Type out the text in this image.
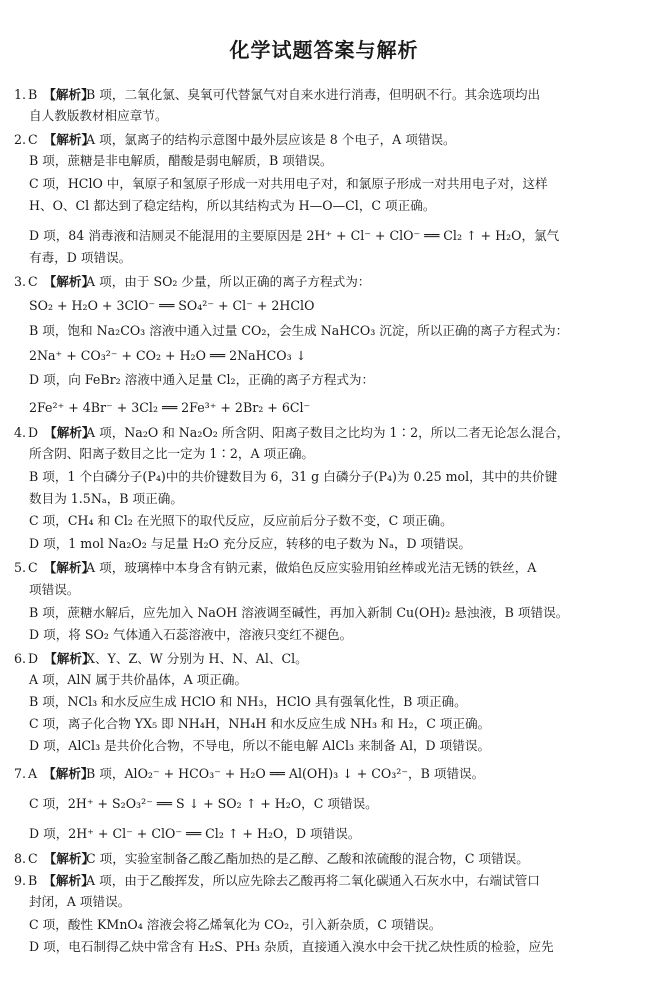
化学试题答案与解析
1. B 【解析】
B 项，二氧化氯、臭氧可代替氯气对自来水进行消毒，但明矾不行。其余选项均出
自人教版教材相应章节。
2. C 【解析】
A 项，氯离子的结构示意图中最外层应该是 8 个电子，A 项错误。
B 项，蔗糖是非电解质，醋酸是弱电解质，B 项错误。
C 项，HClO 中，氧原子和氢原子形成一对共用电子对，和氯原子形成一对共用电子对，这样
H、O、Cl 都达到了稳定结构，所以其结构式为 H—O—Cl，C 项正确。
D 项，84 消毒液和洁厕灵不能混用的主要原因是 2H⁺ + Cl⁻ + ClO⁻ ══ Cl₂ ↑ + H₂O，氯气
有毒，D 项错误。
3. C 【解析】
A 项，由于 SO₂ 少量，所以正确的离子方程式为：
SO₂ + H₂O + 3ClO⁻ ══ SO₄²⁻ + Cl⁻ + 2HClO
B 项，饱和 Na₂CO₃ 溶液中通入过量 CO₂，会生成 NaHCO₃ 沉淀，所以正确的离子方程式为：
2Na⁺ + CO₃²⁻ + CO₂ + H₂O ══ 2NaHCO₃ ↓
D 项，向 FeBr₂ 溶液中通入足量 Cl₂，正确的离子方程式为：
2Fe²⁺ + 4Br⁻ + 3Cl₂ ══ 2Fe³⁺ + 2Br₂ + 6Cl⁻
4. D 【解析】
A 项，Na₂O 和 Na₂O₂ 所含阴、阳离子数目之比均为 1∶2，所以二者无论怎么混合，
所含阴、阳离子数目之比一定为 1∶2，A 项正确。
B 项，1 个白磷分子(P₄)中的共价键数目为 6，31 g 白磷分子(P₄)为 0.25 mol，其中的共价键
数目为 1.5Nₐ，B 项正确。
C 项，CH₄ 和 Cl₂ 在光照下的取代反应，反应前后分子数不变，C 项正确。
D 项，1 mol Na₂O₂ 与足量 H₂O 充分反应，转移的电子数为 Nₐ，D 项错误。
5. C 【解析】
A 项，玻璃棒中本身含有钠元素，做焰色反应实验用铂丝棒或光洁无锈的铁丝，A
项错误。
B 项，蔗糖水解后，应先加入 NaOH 溶液调至碱性，再加入新制 Cu(OH)₂ 悬浊液，B 项错误。
D 项，将 SO₂ 气体通入石蕊溶液中，溶液只变红不褪色。
6. D 【解析】
X、Y、Z、W 分别为 H、N、Al、Cl。
A 项，AlN 属于共价晶体，A 项正确。
B 项，NCl₃ 和水反应生成 HClO 和 NH₃，HClO 具有强氧化性，B 项正确。
C 项，离子化合物 YX₅ 即 NH₄H，NH₄H 和水反应生成 NH₃ 和 H₂，C 项正确。
D 项，AlCl₃ 是共价化合物，不导电，所以不能电解 AlCl₃ 来制备 Al，D 项错误。
7. A 【解析】
B 项，AlO₂⁻ + HCO₃⁻ + H₂O ══ Al(OH)₃ ↓ + CO₃²⁻，B 项错误。
C 项，2H⁺ + S₂O₃²⁻ ══ S ↓ + SO₂ ↑ + H₂O，C 项错误。
D 项，2H⁺ + Cl⁻ + ClO⁻ ══ Cl₂ ↑ + H₂O，D 项错误。
8. C 【解析】
C 项，实验室制备乙酸乙酯加热的是乙醇、乙酸和浓硫酸的混合物，C 项错误。
9. B 【解析】
A 项，由于乙酸挥发，所以应先除去乙酸再将二氧化碳通入石灰水中，右端试管口
封闭，A 项错误。
C 项，酸性 KMnO₄ 溶液会将乙烯氧化为 CO₂，引入新杂质，C 项错误。
D 项，电石制得乙炔中常含有 H₂S、PH₃ 杂质，直接通入溴水中会干扰乙炔性质的检验，应先
